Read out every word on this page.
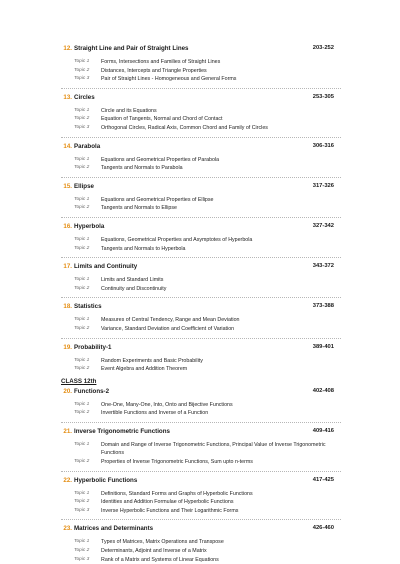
12. Straight Line and Pair of Straight Lines	203-252
Topic 1	Forms, Intersections and Families of Straight Lines
Topic 2	Distances, Intercepts and Triangle Properties
Topic 3	Pair of Straight Lines - Homogeneous and General Forms
13. Circles	253-305
Topic 1	Circle and its Equations
Topic 2	Equation of Tangents, Normal and Chord of Contact
Topic 3	Orthogonal Circles, Radical Axis, Common Chord and Family of Circles
14. Parabola	306-316
Topic 1	Equations and Geometrical Properties of Parabola
Topic 2	Tangents and Normals to Parabola
15. Ellipse	317-326
Topic 1	Equations and Geometrical Properties of Ellipse
Topic 2	Tangents and Normals to Ellipse
16. Hyperbola	327-342
Topic 1	Equations, Geometrical Properties and Asymptotes of Hyperbola
Topic 2	Tangents and Normals to Hyperbola
17. Limits and Continuity	343-372
Topic 1	Limits and Standard Limits
Topic 2	Continuity and Discontinuity
18. Statistics	373-388
Topic 1	Measures of Central Tendency, Range and Mean Deviation
Topic 2	Variance, Standard Deviation and Coefficient of Variation
19. Probability-1	389-401
Topic 1	Random Experiments and Basic Probability
Topic 2	Event Algebra and Addition Theorem
CLASS 12th
20. Functions-2	402-408
Topic 1	One-One, Many-One, Into, Onto and Bijective Functions
Topic 2	Invertible Functions and Inverse of a Function
21. Inverse Trigonometric Functions	409-416
Topic 1	Domain and Range of Inverse Trigonometric Functions, Principal Value of Inverse Trigonometric Functions
Topic 2	Properties of Inverse Trigonometric Functions, Sum upto n-terms
22. Hyperbolic Functions	417-425
Topic 1	Definitions, Standard Forms and Graphs of Hyperbolic Functions
Topic 2	Identities and Addition Formulae of Hyperbolic Functions
Topic 3	Inverse Hyperbolic Functions and Their Logarithmic Forms
23. Matrices and Determinants	426-460
Topic 1	Types of Matrices, Matrix Operations and Transpose
Topic 2	Determinants, Adjoint and Inverse of a Matrix
Topic 3	Rank of a Matrix and Systems of Linear Equations
